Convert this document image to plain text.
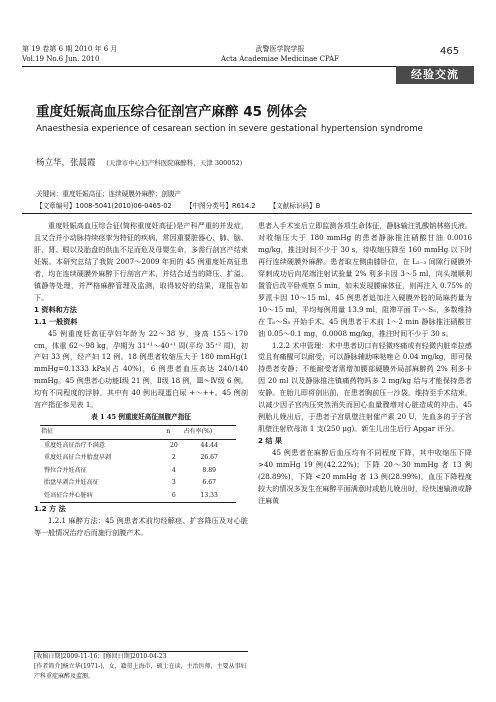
第 19 卷第 6 期 2010 年 6 月
Vol.19 No.6 Jun. 2010
武警医学院学报
Acta Academiae Medicinae CPAF
465
经验交流
重度妊娠高血压综合征剖宫产麻醉 45 例体会
Anaesthesia experience of cesarean section in severe gestational hypertension syndrome
杨立华，张晨霞 (天津市中心妇产科医院麻醉科，天津 300052)
关键词：重度妊娠高征；连续硬膜外麻醉；剖腹产
【文章编号】1008-5041(2010)06-0465-02 【中图分类号】R614.2 【文献标识码】B

重度妊娠高血压综合征(简称重度妊高征)是产科严重的并发症，且又合并小动脉持续痉挛为特征的疾病，常因重要脏器心、肺、脑、肝、肾、眼以及胎盘的供血不足而危及母婴生命，多需行剖宫产结束妊娠。本研究总结了我院 2007～2009 年间的 45 例重度妊高征患者，均在连续硬膜外麻醉下行剖宫产术，并结合适当的降压、扩溢、镇静等处理，并严格麻醉管理及监测，取得较好的结果，现报告如下。

1 资料和方法

1.1 一般资料

45 例重度妊高征孕妇年龄为 22～38 岁，身高 155～170 cm，体重 62～98 kg，孕期为 31⁺¹～40⁺¹ 周(平均 35⁺² 周)，初产妇 33 例，经产妇 12 例。18 例患者收缩压大于 180 mmHg(1 mmHg=0.1333 kPa)(占 40%)，6 例患者血压高达 240/140 mmHg。45 例患者心功能Ⅰ级 21 例，Ⅱ级 18 例，Ⅲ～Ⅳ级 6 例。均有不同程度的浮肿，其中有 40 例出现蛋白尿 +～++。45 例剖宫产指征参见表 1。

表 1 45 例重度妊高征剖腹产指征
指征	n	占有率(%)
重度妊高征治疗不满意	20	44.44
重度妊高征合并胎盘早剥	2	26.67
臀位合并妊高征	4	8.89
胎盘早剥合并妊高征	3	6.67
妊高征合并心脏病	6	13.33

1.2 方 法

1.2.1 麻醉方法：45 例患者术前均经解痉、扩容降压及对心脏等一般情况治疗后而施行剖腹产术。

[收稿日期]2009-11-16；[修回日期]2010-04-23
[作者简介]杨立华(1971-)，女，籍贯上海市，硕士在读，主治医师，主要从事妇产科重症麻醉及监测。

患者入手术室后立即监测各项生命体征，静脉输注乳酸钠林格氏液。对收缩压大于 180 mmHg 的患者静脉推注硝酸甘油 0.0016 mg/kg，推注时间不少于 30 s，待收缩压降至 160 mmHg 以下时再行连续硬膜外麻醉。患者取左侧曲膝卧位，在 L₂₋₃ 间隙行硬膜外穿刺成功后向尾端注射试验量 2% 利多卡因 3～5 ml，向头端顺利置管后改平卧观察 5 min，如未发现腰麻体征，则再注入 0.75% 的罗派卡因 10～15 ml。45 例患者追加注入硬膜外腔的局麻药量为 10～15 ml，平均每例用量 13.9 ml，阻滞平面 T₇～S₅，多数维持在 T₆～S₅ 开始手术。45 例患者于术前 1～2 min 静脉推注硝酸甘油 0.05～0.1 mg，0.0008 mg/kg，推注时间不少于 30 s。

1.2.2 术中管理：术中患者切口有轻微疼痛或有轻微内脏牵拉感觉且有痛醒可以耐受，可以静脉辅助咪哒唑仑 0.04 mg/kg，即可保持患者安静；不能耐受者需增加腰部硬膜外局部麻醉药 2% 利多卡因 20 ml 以及静脉推注镇痛药物吗多 2 mg/kg 给与才能保持患者安静。在胎儿即将剖出前，在患者胸前压一沙袋，维持至手术结束，以减少因子宫内压突然消失而回心血量骤增对心脏造成的冲击。45 例胎儿娩出后，于患者子宫肌壁注射催产素 20 U，先血多的于子宫肌壁注射欣母沛 1 支(250 μg)。新生儿出生后行 Apgar 评分。

2 结 果

45 例患者在麻醉后血压均有不同程度下降，其中收缩压下降 >40 mmHg 19 例(42.22%)；下降 20～30 mmHg 者 13 例(28.89%)，下降 <20 mmHg 者 13 例(28.99%)。血压下降程度较大的情况多发生在麻醉平面满意时或胎儿娩出时，经快速输液或静注麻黄
